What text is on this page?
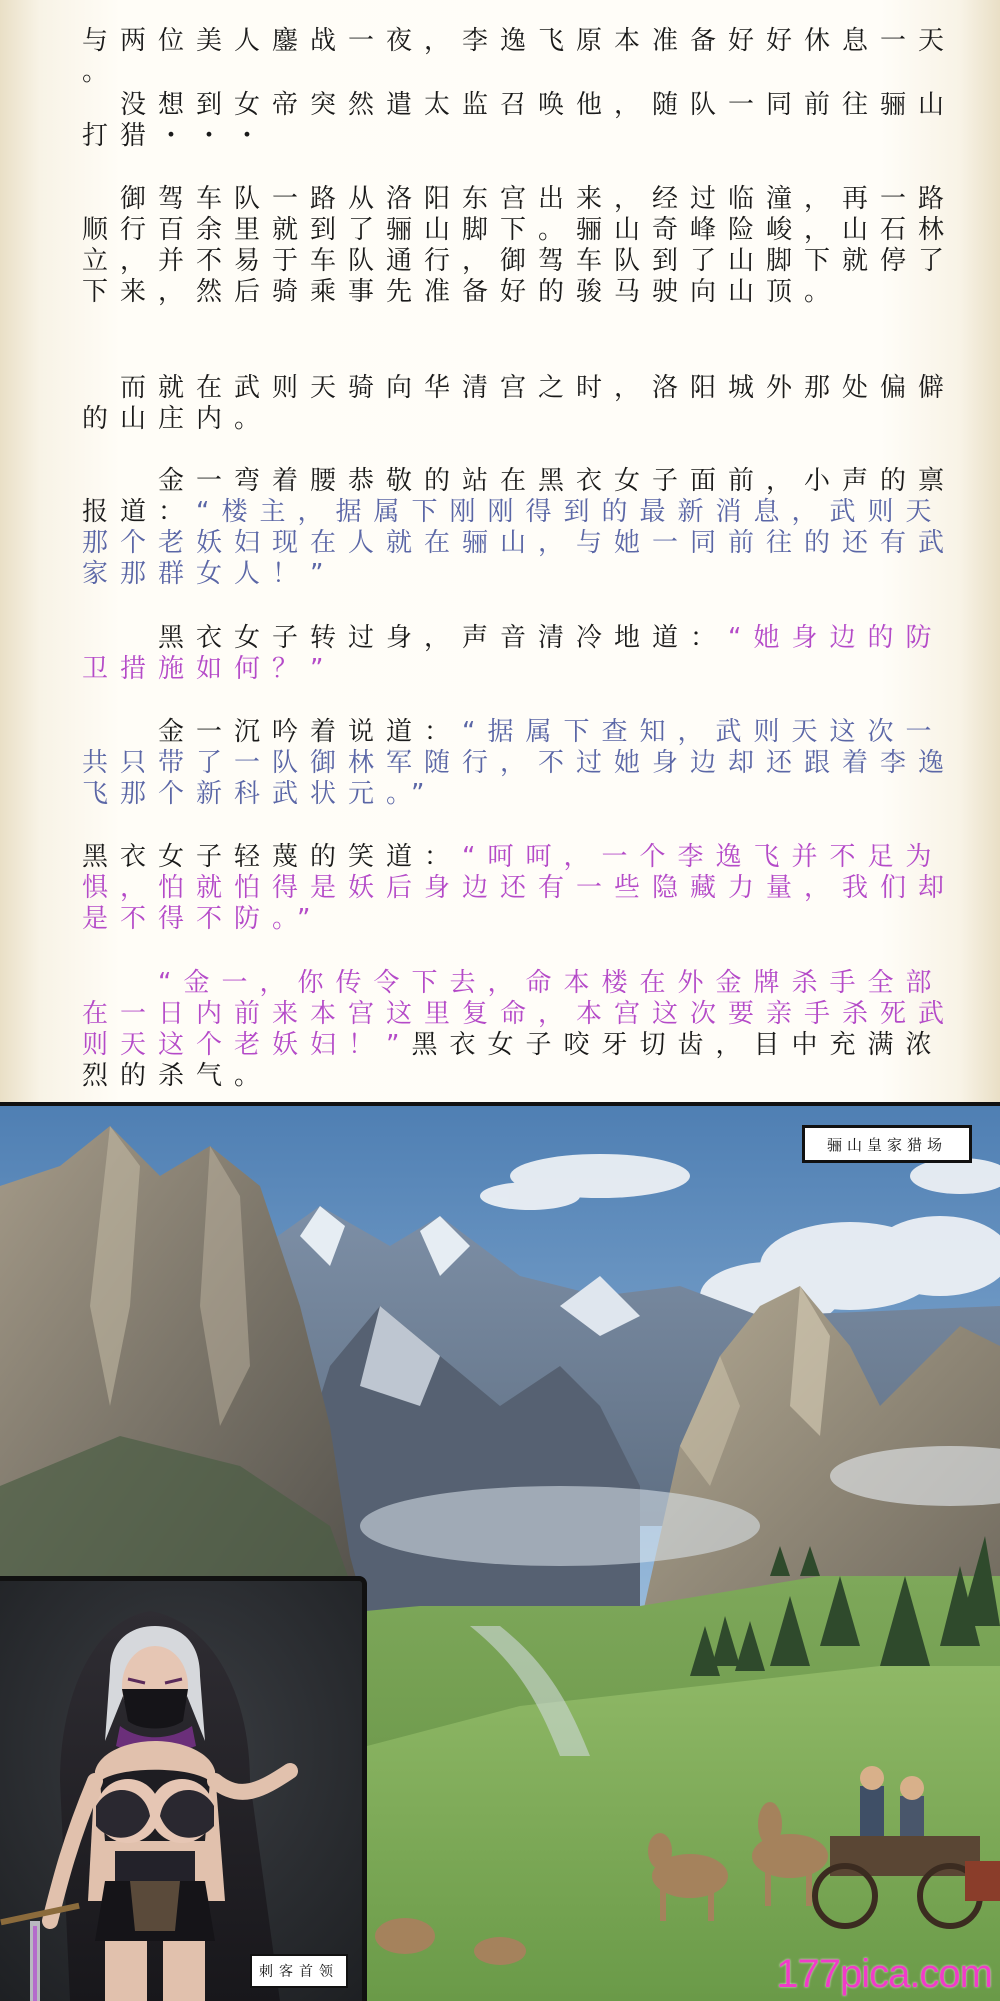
与两位美人鏖战一夜，李逸飞原本准备好好休息一天
。

　没想到女帝突然遣太监召唤他，随队一同前往骊山
打猎・・・

　御驾车队一路从洛阳东宫出来，经过临潼，再一路
顺行百余里就到了骊山脚下。骊山奇峰险峻，山石林
立，并不易于车队通行，御驾车队到了山脚下就停了
下来，然后骑乘事先准备好的骏马驶向山顶。

　而就在武则天骑向华清宫之时，洛阳城外那处偏僻
的山庄内。

　　金一弯着腰恭敬的站在黑衣女子面前，小声的禀
报道：“楼主，据属下刚刚得到的最新消息，武则天
那个老妖妇现在人就在骊山，与她一同前往的还有武
家那群女人！”

　　黑衣女子转过身，声音清冷地道：“她身边的防
卫措施如何？”

　　金一沉吟着说道：“据属下查知，武则天这次一
共只带了一队御林军随行，不过她身边却还跟着李逸
飞那个新科武状元。”

黑衣女子轻蔑的笑道：“呵呵，一个李逸飞并不足为
惧，怕就怕得是妖后身边还有一些隐藏力量，我们却
是不得不防。”

　　“金一，你传令下去，命本楼在外金牌杀手全部
在一日内前来本宫这里复命，本宫这次要亲手杀死武
则天这个老妖妇！”黑衣女子咬牙切齿，目中充满浓
烈的杀气。

骊山皇家猎场
刺客首领	177pica.com
